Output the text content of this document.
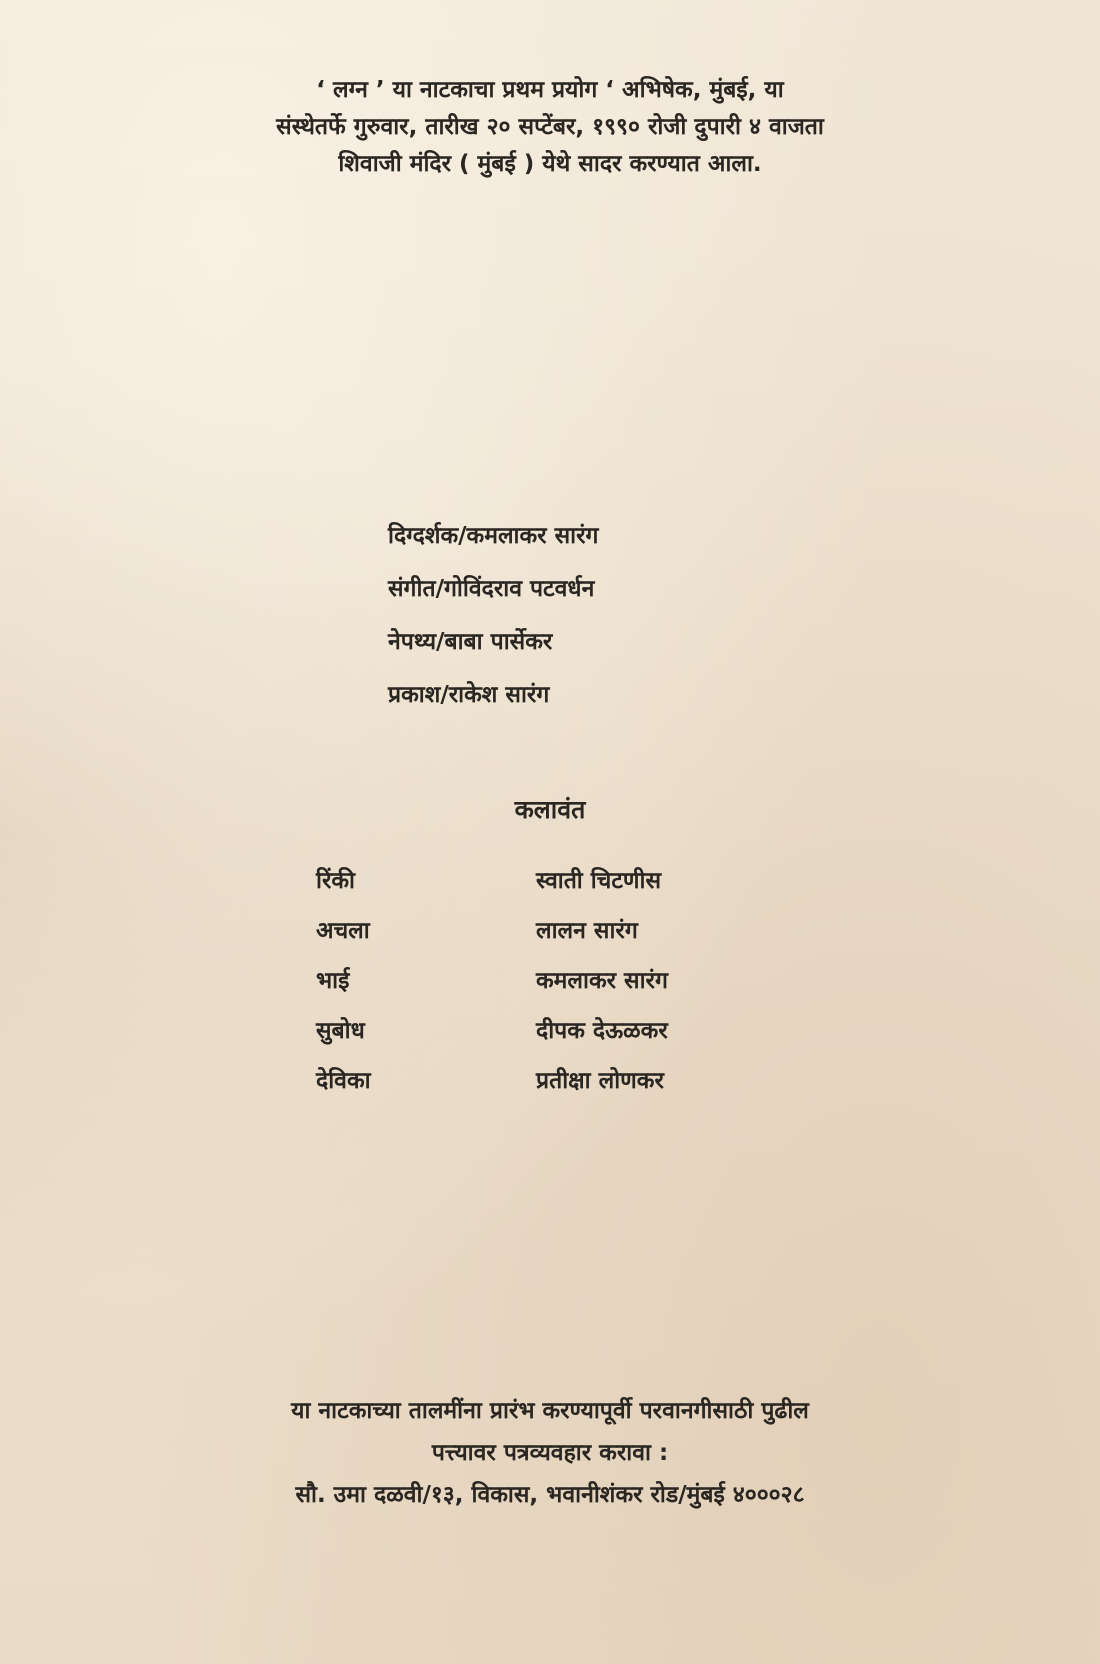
‘ लग्न ’ या नाटकाचा प्रथम प्रयोग ‘ अभिषेक, मुंबई, या
संस्थेतर्फे गुरुवार, तारीख २० सप्टेंबर, १९९० रोजी दुपारी ४ वाजता
शिवाजी मंदिर ( मुंबई ) येथे सादर करण्यात आला.
दिग्दर्शक/कमलाकर सारंग
संगीत/गोविंदराव पटवर्धन
नेपथ्य/बाबा पार्सेकर
प्रकाश/राकेश सारंग
कलावंत
रिंकी	स्वाती चिटणीस
अचला	लालन सारंग
भाई	कमलाकर सारंग
सुबोध	दीपक देऊळकर
देविका	प्रतीक्षा लोणकर
या नाटकाच्या तालमींना प्रारंभ करण्यापूर्वी परवानगीसाठी पुढील
पत्त्यावर पत्रव्यवहार करावा :
सौ. उमा दळवी/१३, विकास, भवानीशंकर रोड/मुंबई ४०००२८
